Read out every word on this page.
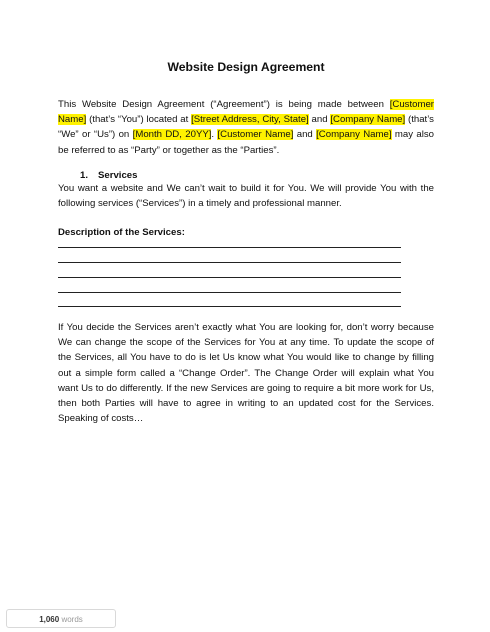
Website Design Agreement
This Website Design Agreement (“Agreement”) is being made between [Customer Name] (that’s “You”) located at [Street Address, City, State] and [Company Name] (that’s “We” or “Us”) on [Month DD, 20YY]. [Customer Name] and [Company Name] may also be referred to as “Party” or together as the “Parties”.
1. Services
You want a website and We can’t wait to build it for You. We will provide You with the following services (“Services”) in a timely and professional manner.
Description of the Services:
If You decide the Services aren’t exactly what You are looking for, don’t worry because We can change the scope of the Services for You at any time. To update the scope of the Services, all You have to do is let Us know what You would like to change by filling out a simple form called a “Change Order”. The Change Order will explain what You want Us to do differently. If the new Services are going to require a bit more work for Us, then both Parties will have to agree in writing to an updated cost for the Services. Speaking of costs…
1,060 words
